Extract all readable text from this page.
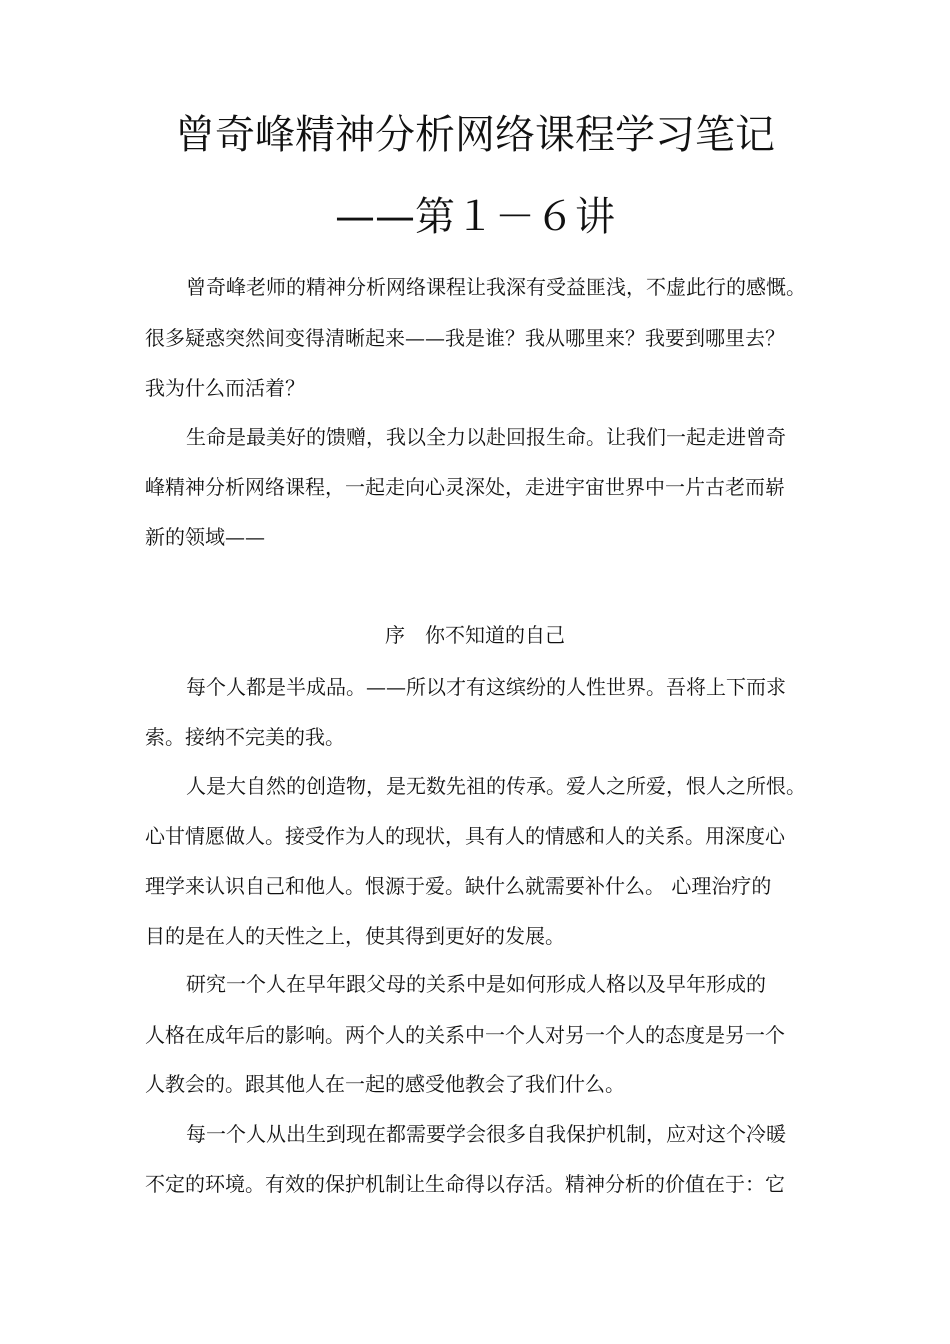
曾奇峰精神分析网络课程学习笔记
——第１－６讲
曾奇峰老师的精神分析网络课程让我深有受益匪浅，不虚此行的感慨。
很多疑惑突然间变得清晰起来——我是谁？我从哪里来？我要到哪里去？
我为什么而活着？
生命是最美好的馈赠，我以全力以赴回报生命。让我们一起走进曾奇
峰精神分析网络课程，一起走向心灵深处，走进宇宙世界中一片古老而崭
新的领域——
序　你不知道的自己
每个人都是半成品。——所以才有这缤纷的人性世界。吾将上下而求
索。接纳不完美的我。
人是大自然的创造物，是无数先祖的传承。爱人之所爱，恨人之所恨。
心甘情愿做人。接受作为人的现状，具有人的情感和人的关系。用深度心
理学来认识自己和他人。恨源于爱。缺什么就需要补什么。 心理治疗的
目的是在人的天性之上，使其得到更好的发展。
研究一个人在早年跟父母的关系中是如何形成人格以及早年形成的
人格在成年后的影响。两个人的关系中一个人对另一个人的态度是另一个
人教会的。跟其他人在一起的感受他教会了我们什么。
每一个人从出生到现在都需要学会很多自我保护机制，应对这个冷暖
不定的环境。有效的保护机制让生命得以存活。精神分析的价值在于：它
